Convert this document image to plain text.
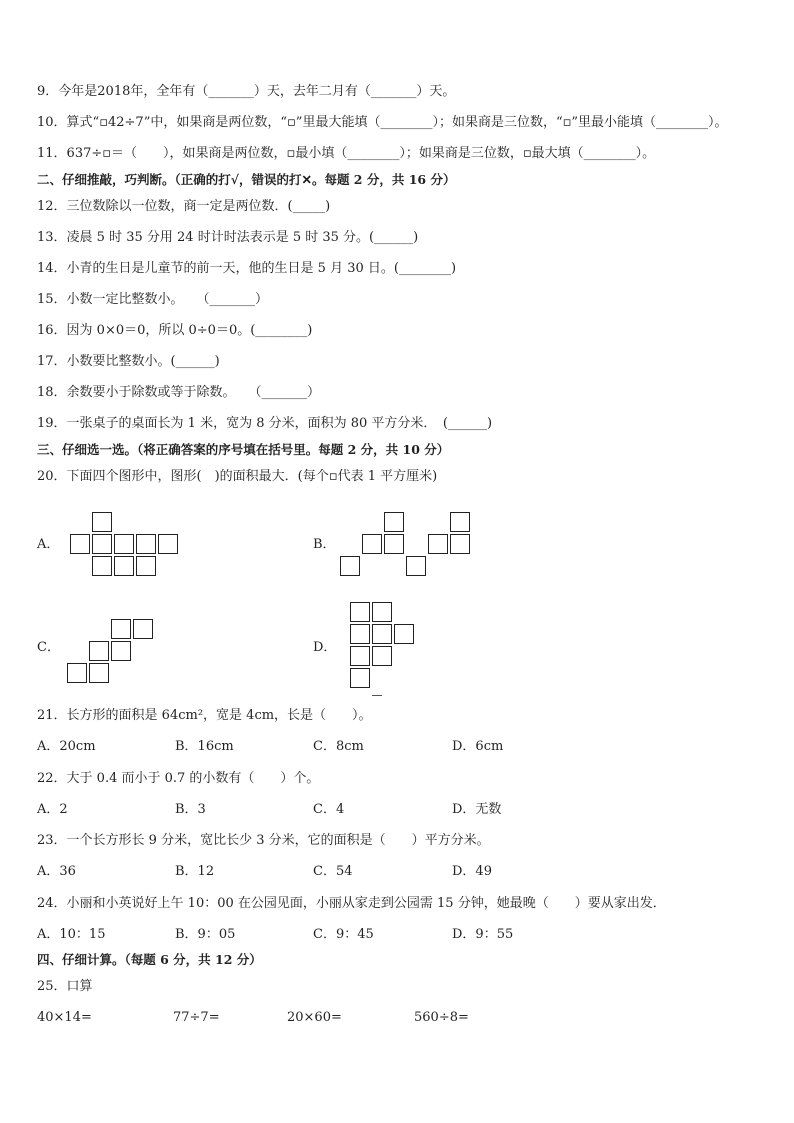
9．今年是2018年，全年有（_______）天，去年二月有（_______）天。
10．算式“▫42÷7”中，如果商是两位数，“▫”里最大能填（________）；如果商是三位数，“▫”里最小能填（________）。
11．637÷▫＝（　　），如果商是两位数，▫最小填（________）；如果商是三位数，▫最大填（________）。
二、仔细推敲，巧判断。（正确的打√，错误的打✕。每题 2 分，共 16 分）
12．三位数除以一位数，商一定是两位数．(_____)
13．凌晨 5 时 35 分用 24 时计时法表示是 5 时 35 分。(______)
14．小青的生日是儿童节的前一天，他的生日是 5 月 30 日。(________)
15．小数一定比整数小。　　（_______）
16．因为 0×0＝0，所以 0÷0＝0。(________)
17．小数要比整数小。(______)
18．余数要小于除数或等于除数。　　（_______）
19．一张桌子的桌面长为 1 米，宽为 8 分米，面积为 80 平方分米．　(______)
三、仔细选一选。（将正确答案的序号填在括号里。每题 2 分，共 10 分）
20．下面四个图形中，图形(　)的面积最大．(每个▫代表 1 平方厘米)
A．	B．
C．	D．
21．长方形的面积是 64cm²，宽是 4cm，长是（　　）。
A．20cm	B．16cm	C．8cm	D．6cm
22．大于 0.4 而小于 0.7 的小数有（　　）个。
A．2	B．3	C．4	D．无数
23．一个长方形长 9 分米，宽比长少 3 分米，它的面积是（　　）平方分米。
A．36	B．12	C．54	D．49
24．小丽和小英说好上午 10：00 在公园见面，小丽从家走到公园需 15 分钟，她最晚（　　）要从家出发．
A．10：15	B．9：05	C．9：45	D．9：55
四、仔细计算。（每题 6 分，共 12 分）
25．口算
40×14=	77÷7=	20×60=	560÷8=
